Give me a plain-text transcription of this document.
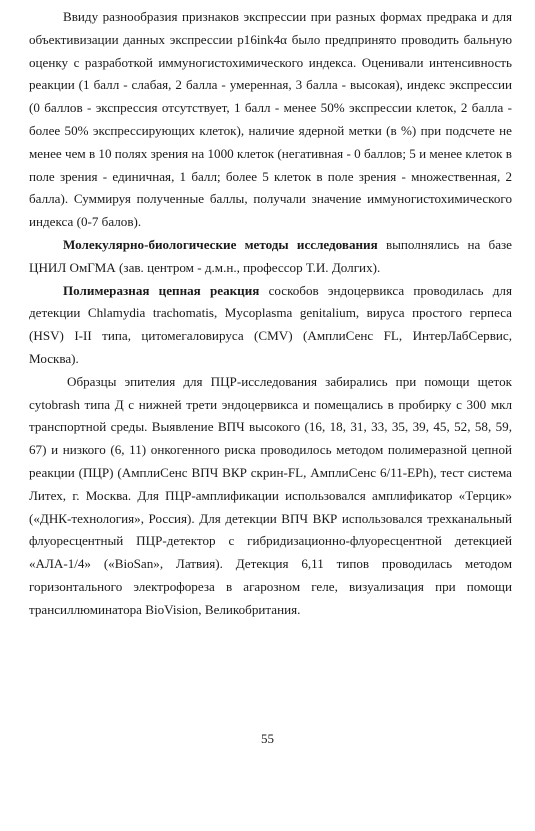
Ввиду разнообразия признаков экспрессии при разных формах предрака и для объективизации данных экспрессии p16ink4α было предпринято проводить бальную оценку с разработкой иммуногистохимического индекса. Оценивали интенсивность реакции (1 балл - слабая, 2 балла - умеренная, 3 балла - высокая), индекс экспрессии (0 баллов - экспрессия отсутствует, 1 балл - менее 50% экспрессии клеток, 2 балла - более 50% экспрессирующих клеток), наличие ядерной метки (в %) при подсчете не менее чем в 10 полях зрения на 1000 клеток (негативная - 0 баллов; 5 и менее клеток в поле зрения - единичная, 1 балл; более 5 клеток в поле зрения - множественная, 2 балла). Суммируя полученные баллы, получали значение иммуногистохимического индекса (0-7 балов).

Молекулярно-биологические методы исследования выполнялись на базе ЦНИЛ ОмГМА (зав. центром - д.м.н., профессор Т.И. Долгих).

Полимеразная цепная реакция соскобов эндоцервикса проводилась для детекции Chlamydia trachomatis, Mycoplasma genitalium, вируса простого герпеса (HSV) I-II типа, цитомегаловируса (CMV) (АмплиСенс FL, ИнтерЛабСервис, Москва).

Образцы эпителия для ПЦР-исследования забирались при помощи щеток cytobrash типа Д с нижней трети эндоцервикса и помещались в пробирку с 300 мкл транспортной среды. Выявление ВПЧ высокого (16, 18, 31, 33, 35, 39, 45, 52, 58, 59, 67) и низкого (6, 11) онкогенного риска проводилось методом полимеразной цепной реакции (ПЦР) (АмплиСенс ВПЧ ВКР скрин-FL, АмплиСенс 6/11-EPh), тест система Литех, г. Москва. Для ПЦР-амплификации использовался амплификатор «Терцик» («ДНК-технология», Россия). Для детекции ВПЧ ВКР использовался трехканальный флуоресцентный ПЦР-детектор с гибридизационно-флуоресцентной детекцией «АЛА-1/4» («BioSan», Латвия). Детекция 6,11 типов проводилась методом горизонтального электрофореза в агарозном геле, визуализация при помощи трансиллюминатора BioVision, Великобритания.

55
